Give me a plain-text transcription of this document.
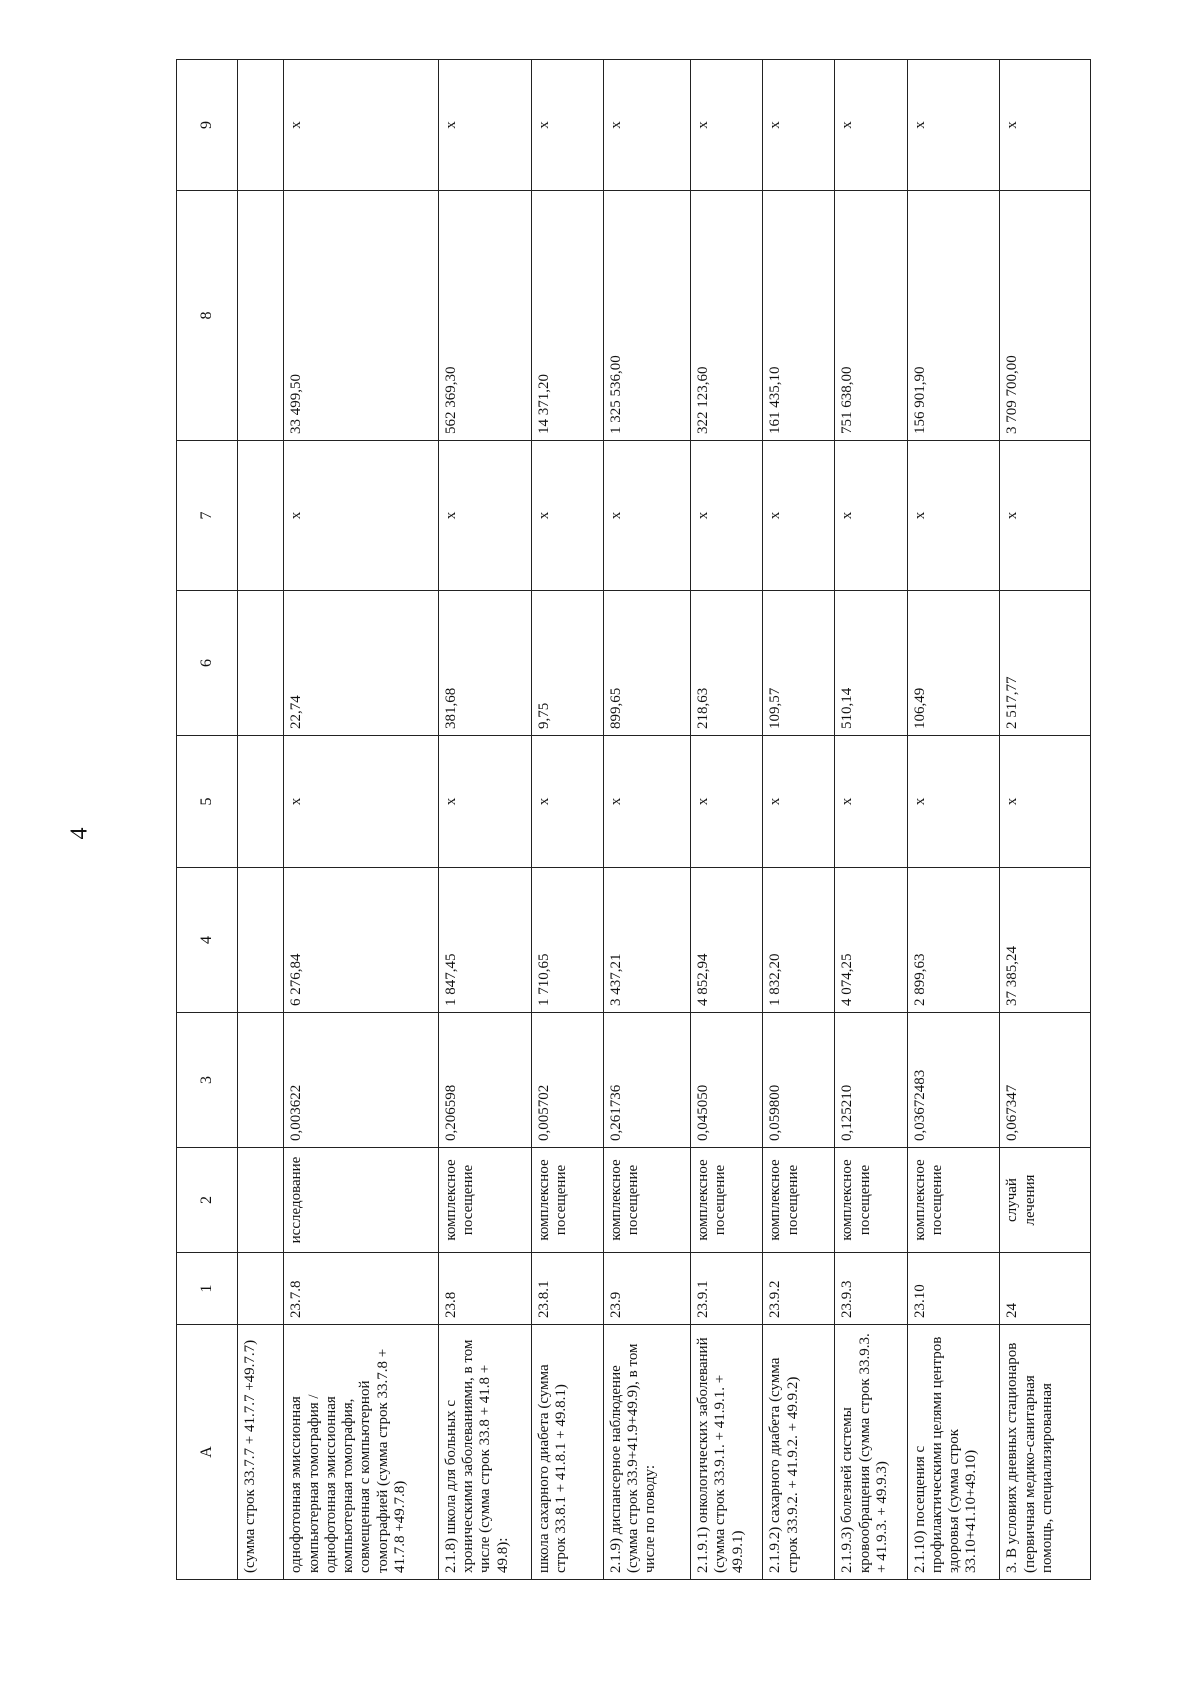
4
А	1	2	3	4	5	6	7	8	9
(сумма строк 33.7.7 + 41.7.7 +49.7.7)									
однофотонная эмиссионная компьютерная томография / однофотонная эмиссионная компьютерная томография, совмещенная с компьютерной томографией (сумма строк 33.7.8 + 41.7.8 +49.7.8)	23.7.8	исследование	0,003622	6 276,84	х	22,74	х	33 499,50	х
2.1.8) школа для больных с хроническими заболеваниями, в том числе (сумма строк 33.8 + 41.8 + 49.8):	23.8	комплексное посещение	0,206598	1 847,45	х	381,68	х	562 369,30	х
школа сахарного диабета (сумма строк 33.8.1 + 41.8.1 + 49.8.1)	23.8.1	комплексное посещение	0,005702	1 710,65	х	9,75	х	14 371,20	х
2.1.9) диспансерное наблюдение (сумма строк 33.9+41.9+49.9), в том числе по поводу:	23.9	комплексное посещение	0,261736	3 437,21	х	899,65	х	1 325 536,00	х
2.1.9.1) онкологических заболеваний (сумма строк 33.9.1. + 41.9.1. + 49.9.1)	23.9.1	комплексное посещение	0,045050	4 852,94	х	218,63	х	322 123,60	х
2.1.9.2) сахарного диабета (сумма строк 33.9.2. + 41.9.2. + 49.9.2)	23.9.2	комплексное посещение	0,059800	1 832,20	х	109,57	х	161 435,10	х
2.1.9.3) болезней системы кровообращения (сумма строк 33.9.3. + 41.9.3. + 49.9.3)	23.9.3	комплексное посещение	0,125210	4 074,25	х	510,14	х	751 638,00	х
2.1.10) посещения с профилактическими целями центров здоровья (сумма строк 33.10+41.10+49.10)	23.10	комплексное посещение	0,03672483	2 899,63	х	106,49	х	156 901,90	х
3. В условиях дневных стационаров (первичная медико-санитарная помощь, специализированная	24	случай лечения	0,067347	37 385,24	х	2 517,77	х	3 709 700,00	х
